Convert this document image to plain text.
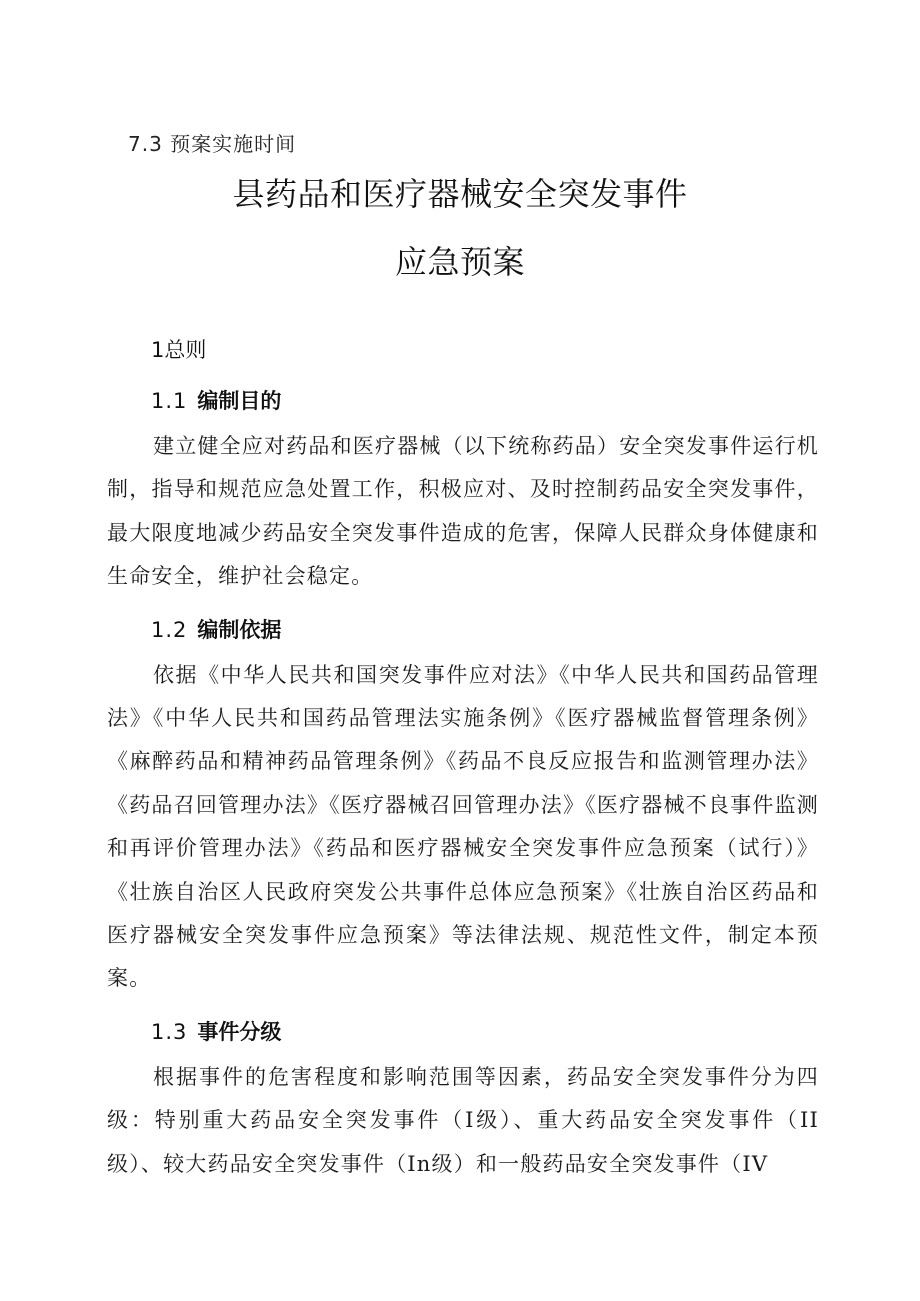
7.3 预案实施时间
县药品和医疗器械安全突发事件
应急预案
1总则
1.1 编制目的
建立健全应对药品和医疗器械（以下统称药品）安全突发事件运行机制，指导和规范应急处置工作，积极应对、及时控制药品安全突发事件，最大限度地减少药品安全突发事件造成的危害，保障人民群众身体健康和生命安全，维护社会稳定。
1.2 编制依据
依据《中华人民共和国突发事件应对法》《中华人民共和国药品管理法》《中华人民共和国药品管理法实施条例》《医疗器械监督管理条例》《麻醉药品和精神药品管理条例》《药品不良反应报告和监测管理办法》《药品召回管理办法》《医疗器械召回管理办法》《医疗器械不良事件监测和再评价管理办法》《药品和医疗器械安全突发事件应急预案（试行）》《壮族自治区人民政府突发公共事件总体应急预案》《壮族自治区药品和医疗器械安全突发事件应急预案》等法律法规、规范性文件，制定本预案。
1.3 事件分级
根据事件的危害程度和影响范围等因素，药品安全突发事件分为四级：特别重大药品安全突发事件（I级）、重大药品安全突发事件（II级）、较大药品安全突发事件（In级）和一般药品安全突发事件（IV
